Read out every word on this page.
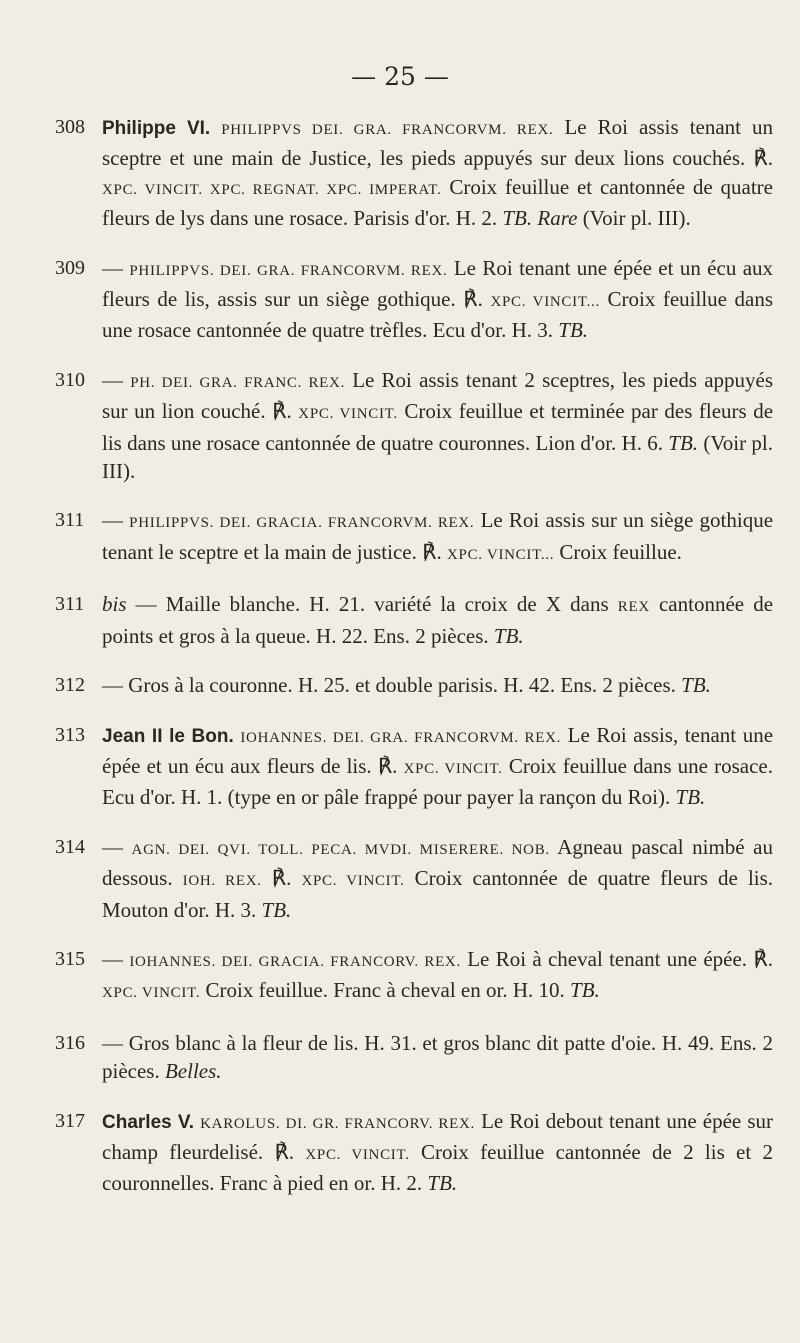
— 25 —

308 Philippe VI. PHILIPPVS DEI. GRA. FRANCORVM. REX. Le Roi assis tenant un sceptre et une main de Justice, les pieds appuyés sur deux lions couchés. ℟. XPC. VINCIT. XPC. REGNAT. XPC. IMPERAT. Croix feuillue et cantonnée de quatre fleurs de lys dans une rosace. Parisis d'or. H. 2. TB. Rare (Voir pl. III).

309 — PHILIPPVS. DEI. GRA. FRANCORVM. REX. Le Roi tenant une épée et un écu aux fleurs de lis, assis sur un siège gothique. ℟. XPC. VINCIT... Croix feuillue dans une rosace cantonnée de quatre trèfles. Ecu d'or. H. 3. TB.

310 — PH. DEI. GRA. FRANC. REX. Le Roi assis tenant 2 sceptres, les pieds appuyés sur un lion couché. ℟. XPC. VINCIT. Croix feuillue et terminée par des fleurs de lis dans une rosace cantonnée de quatre couronnes. Lion d'or. H. 6. TB. (Voir pl. III).

311 — PHILIPPVS. DEI. GRACIA. FRANCORVM. REX. Le Roi assis sur un siège gothique tenant le sceptre et la main de justice. ℟. XPC. VINCIT... Croix feuillue.

311 bis — Maille blanche. H. 21. variété la croix de X dans REX cantonnée de points et gros à la queue. H. 22. Ens. 2 pièces. TB.

312 — Gros à la couronne. H. 25. et double parisis. H. 42. Ens. 2 pièces. TB.

313 Jean II le Bon. IOHANNES. DEI. GRA. FRANCORVM. REX. Le Roi assis, tenant une épée et un écu aux fleurs de lis. ℟. XPC. VINCIT. Croix feuillue dans une rosace. Ecu d'or. H. 1. (type en or pâle frappé pour payer la rançon du Roi). TB.

314 — AGN. DEI. QVI. TOLL. PECA. MVDI. MISERERE. NOB. Agneau pascal nimbé au dessous. IOH. REX. ℟. XPC. VINCIT. Croix cantonnée de quatre fleurs de lis. Mouton d'or. H. 3. TB.

315 — IOHANNES. DEI. GRACIA. FRANCORV. REX. Le Roi à cheval tenant une épée. ℟. XPC. VINCIT. Croix feuillue. Franc à cheval en or. H. 10. TB.

316 — Gros blanc à la fleur de lis. H. 31. et gros blanc dit patte d'oie. H. 49. Ens. 2 pièces. Belles.

317 Charles V. KAROLUS. DI. GR. FRANCORV. REX. Le Roi debout tenant une épée sur champ fleurdelisé. ℟. XPC. VINCIT. Croix feuillue cantonnée de 2 lis et 2 couronnelles. Franc à pied en or. H. 2. TB.
